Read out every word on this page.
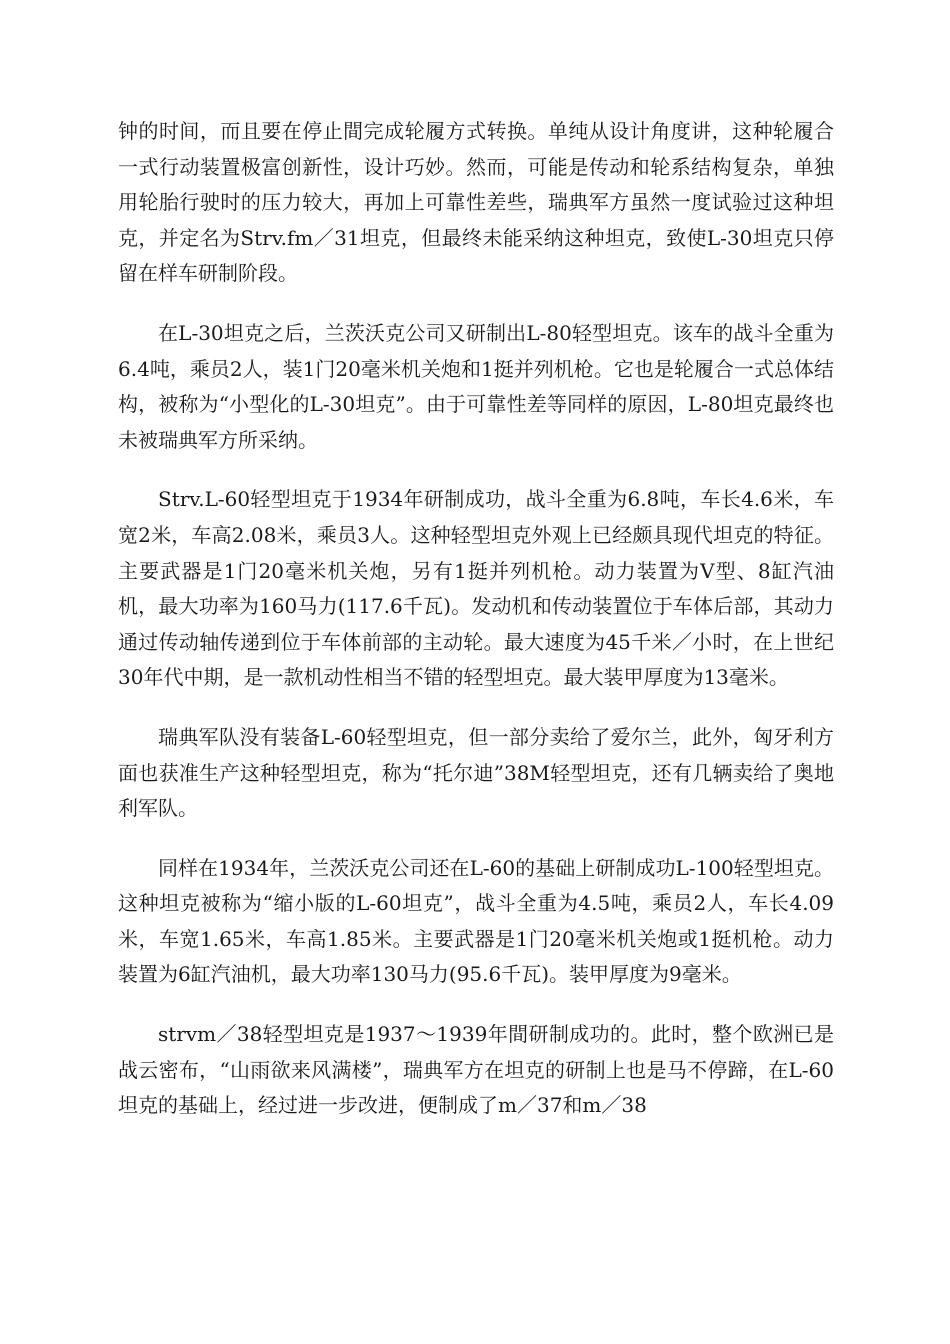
钟的时间，而且要在停止間完成轮履方式转换。单纯从设计角度讲，这种轮履合一式行动装置极富创新性，设计巧妙。然而，可能是传动和轮系结构复杂，单独用轮胎行驶时的压力较大，再加上可靠性差些，瑞典军方虽然一度试验过这种坦克，并定名为Strv.fm／31坦克，但最终未能采纳这种坦克，致使L-30坦克只停留在样车研制阶段。

在L-30坦克之后，兰茨沃克公司又研制出L-80轻型坦克。该车的战斗全重为6.4吨，乘员2人，装1门20毫米机关炮和1挺并列机枪。它也是轮履合一式总体结构，被称为“小型化的L-30坦克”。由于可靠性差等同样的原因，L-80坦克最终也未被瑞典军方所采纳。

Strv.L-60轻型坦克于1934年研制成功，战斗全重为6.8吨，车长4.6米，车宽2米，车高2.08米，乘员3人。这种轻型坦克外观上已经颇具现代坦克的特征。主要武器是1门20毫米机关炮，另有1挺并列机枪。动力装置为V型、8缸汽油机，最大功率为160马力(117.6千瓦)。发动机和传动装置位于车体后部，其动力通过传动轴传递到位于车体前部的主动轮。最大速度为45千米／小时，在上世纪30年代中期，是一款机动性相当不错的轻型坦克。最大装甲厚度为13毫米。

瑞典军队没有装备L-60轻型坦克，但一部分卖给了爱尔兰，此外，匈牙利方面也获准生产这种轻型坦克，称为“托尔迪”38M轻型坦克，还有几辆卖给了奥地利军队。

同样在1934年，兰茨沃克公司还在L-60的基础上研制成功L-100轻型坦克。这种坦克被称为“缩小版的L-60坦克”，战斗全重为4.5吨，乘员2人，车长4.09米，车宽1.65米，车高1.85米。主要武器是1门20毫米机关炮或1挺机枪。动力装置为6缸汽油机，最大功率130马力(95.6千瓦)。装甲厚度为9毫米。

strvm／38轻型坦克是1937～1939年間研制成功的。此时，整个欧洲已是战云密布，“山雨欲来风满楼”，瑞典军方在坦克的研制上也是马不停蹄，在L-60坦克的基础上，经过进一步改进，便制成了m／37和m／38
